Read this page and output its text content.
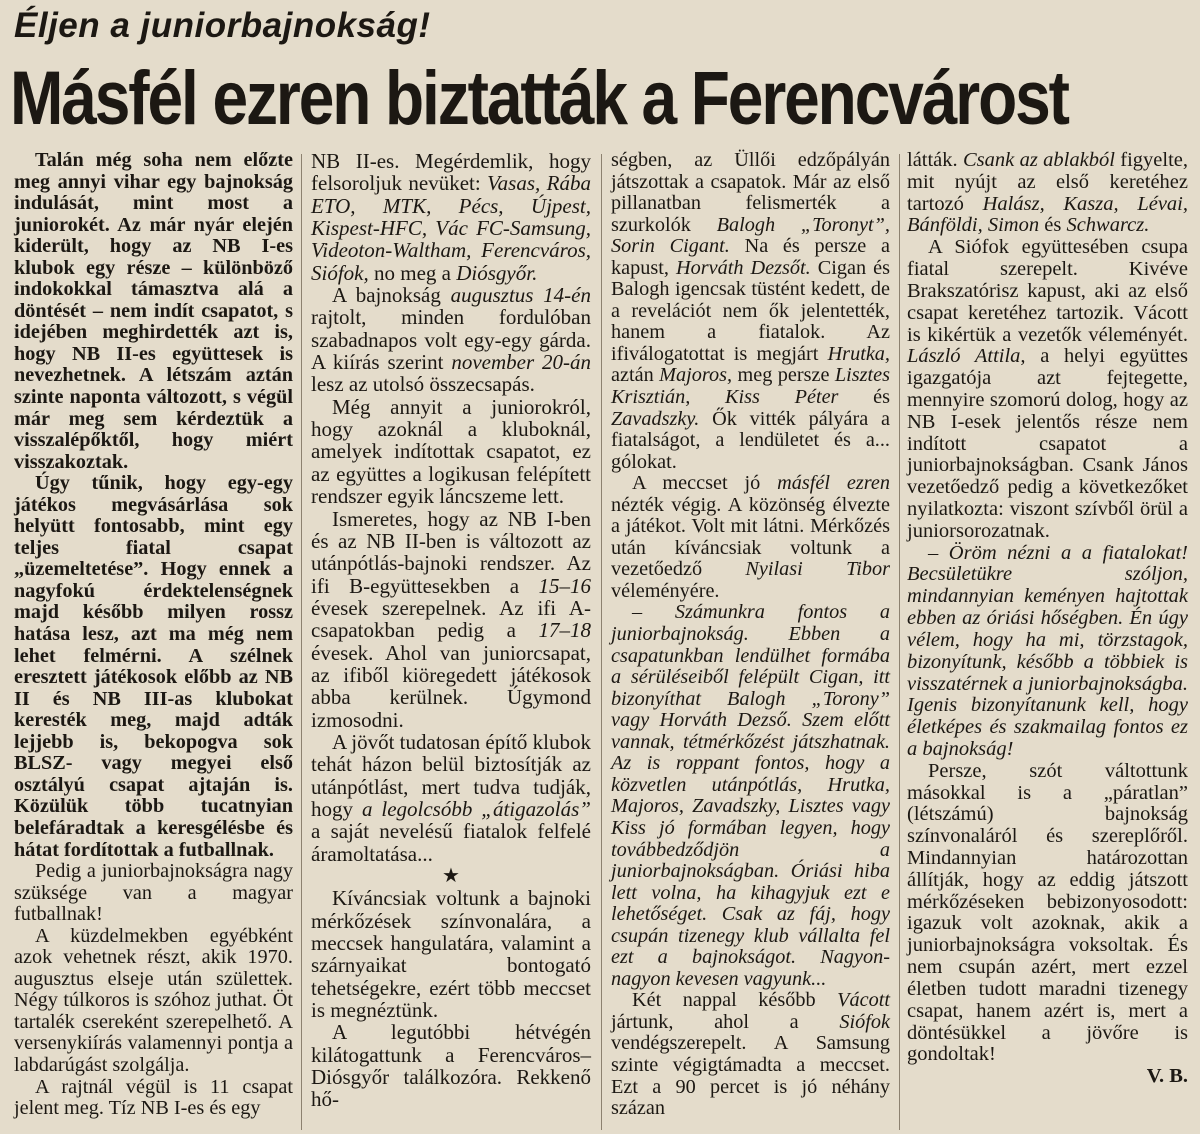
Éljen a juniorbajnokság!
Másfél ezren biztatták a Ferencvárost

Talán még soha nem előzte meg annyi vihar egy bajnokság indulását, mint most a juniorokét. Az már nyár elején kiderült, hogy az NB I-es klubok egy része – különböző indokokkal támasztva alá a döntését – nem indít csapatot, s idejében meghirdették azt is, hogy NB II-es együttesek is nevezhetnek. A létszám aztán szinte naponta változott, s végül már meg sem kérdeztük a visszalépőktől, hogy miért visszakoztak.

Úgy tűnik, hogy egy-egy játékos megvásárlása sok helyütt fontosabb, mint egy teljes fiatal csapat „üzemeltetése”. Hogy ennek a nagyfokú érdektelenségnek majd később milyen rossz hatása lesz, azt ma még nem lehet felmérni. A szélnek eresztett játékosok előbb az NB II és NB III-as klubokat keresték meg, majd adták lejjebb is, bekopogva sok BLSZ- vagy megyei első osztályú csapat ajtaján is. Közülük több tucatnyian belefáradtak a keresgélésbe és hátat fordítottak a futballnak.

Pedig a juniorbajnokságra nagy szüksége van a magyar futballnak!

A küzdelmekben egyébként azok vehetnek részt, akik 1970. augusztus elseje után születtek. Négy túlkoros is szóhoz juthat. Öt tartalék csereként szerepelhető. A versenykiírás valamennyi pontja a labdarúgást szolgálja.

A rajtnál végül is 11 csapat jelent meg. Tíz NB I-es és egy

NB II-es. Megérdemlik, hogy felsoroljuk nevüket: Vasas, Rába ETO, MTK, Pécs, Újpest, Kispest-HFC, Vác FC-Samsung, Videoton-Waltham, Ferencváros, Siófok, no meg a Diósgyőr.

A bajnokság augusztus 14-én rajtolt, minden fordulóban szabadnapos volt egy-egy gárda. A kiírás szerint november 20-án lesz az utolsó összecsapás.

Még annyit a juniorokról, hogy azoknál a kluboknál, amelyek indítottak csapatot, ez az együttes a logikusan felépített rendszer egyik láncszeme lett.

Ismeretes, hogy az NB I-ben és az NB II-ben is változott az utánpótlás-bajnoki rendszer. Az ifi B-együttesekben a 15–16 évesek szerepelnek. Az ifi A-csapatokban pedig a 17–18 évesek. Ahol van juniorcsapat, az ifiből kiöregedett játékosok abba kerülnek. Úgymond izmosodni.

A jövőt tudatosan építő klubok tehát házon belül biztosítják az utánpótlást, mert tudva tudják, hogy a legolcsóbb „átigazolás” a saját nevelésű fiatalok felfelé áramoltatása...

★

Kíváncsiak voltunk a bajnoki mérkőzések színvonalára, a meccsek hangulatára, valamint a szárnyaikat bontogató tehetségekre, ezért több meccset is megnéztünk.

A legutóbbi hétvégén kilátogattunk a Ferencváros–Diósgyőr találkozóra. Rekkenő hő-

ségben, az Üllői edzőpályán játszottak a csapatok. Már az első pillanatban felismerték a szurkolók Balogh „Toronyt”, Sorin Cigant. Na és persze a kapust, Horváth Dezsőt. Cigan és Balogh igencsak tüstént kedett, de a revelációt nem ők jelentették, hanem a fiatalok. Az ifiválogatottat is megjárt Hrutka, aztán Majoros, meg persze Lisztes Krisztián, Kiss Péter és Zavadszky. Ők vitték pályára a fiatalságot, a lendületet és a... gólokat.

A meccset jó másfél ezren nézték végig. A közönség élvezte a játékot. Volt mit látni. Mérkőzés után kíváncsiak voltunk a vezetőedző Nyilasi Tibor véleményére.

– Számunkra fontos a juniorbajnokság. Ebben a csapatunkban lendülhet formába a sérüléseiből felépült Cigan, itt bizonyíthat Balogh „Torony” vagy Horváth Dezső. Szem előtt vannak, tétmérkőzést játszhatnak. Az is roppant fontos, hogy a közvetlen utánpótlás, Hrutka, Majoros, Zavadszky, Lisztes vagy Kiss jó formában legyen, hogy továbbedződjön a juniorbajnokságban. Óriási hiba lett volna, ha kihagyjuk ezt e lehetőséget. Csak az fáj, hogy csupán tizenegy klub vállalta fel ezt a bajnokságot. Nagyon-nagyon kevesen vagyunk...

Két nappal később Vácott jártunk, ahol a Siófok vendégszerepelt. A Samsung szinte végigtámadta a meccset. Ezt a 90 percet is jó néhány százan

látták. Csank az ablakból figyelte, mit nyújt az első keretéhez tartozó Halász, Kasza, Lévai, Bánföldi, Simon és Schwarcz.

A Siófok együttesében csupa fiatal szerepelt. Kivéve Brakszatórisz kapust, aki az első csapat keretéhez tartozik. Vácott is kikértük a vezetők véleményét. László Attila, a helyi együttes igazgatója azt fejtegette, mennyire szomorú dolog, hogy az NB I-esek jelentős része nem indított csapatot a juniorbajnokságban. Csank János vezetőedző pedig a következőket nyilatkozta: viszont szívből örül a juniorsorozatnak.

– Öröm nézni a a fiatalokat! Becsületükre szóljon, mindannyian keményen hajtottak ebben az óriási hőségben. Én úgy vélem, hogy ha mi, törzstagok, bizonyítunk, később a többiek is visszatérnek a juniorbajnokságba. Igenis bizonyítanunk kell, hogy életképes és szakmailag fontos ez a bajnokság!

Persze, szót váltottunk másokkal is a „páratlan” (létszámú) bajnokság színvonaláról és szereplőről. Mindannyian határozottan állítják, hogy az eddig játszott mérkőzéseken bebizonyosodott: igazuk volt azoknak, akik a juniorbajnokságra voksoltak. És nem csupán azért, mert ezzel életben tudott maradni tizenegy csapat, hanem azért is, mert a döntésükkel a jövőre is gondoltak!

V. B.
